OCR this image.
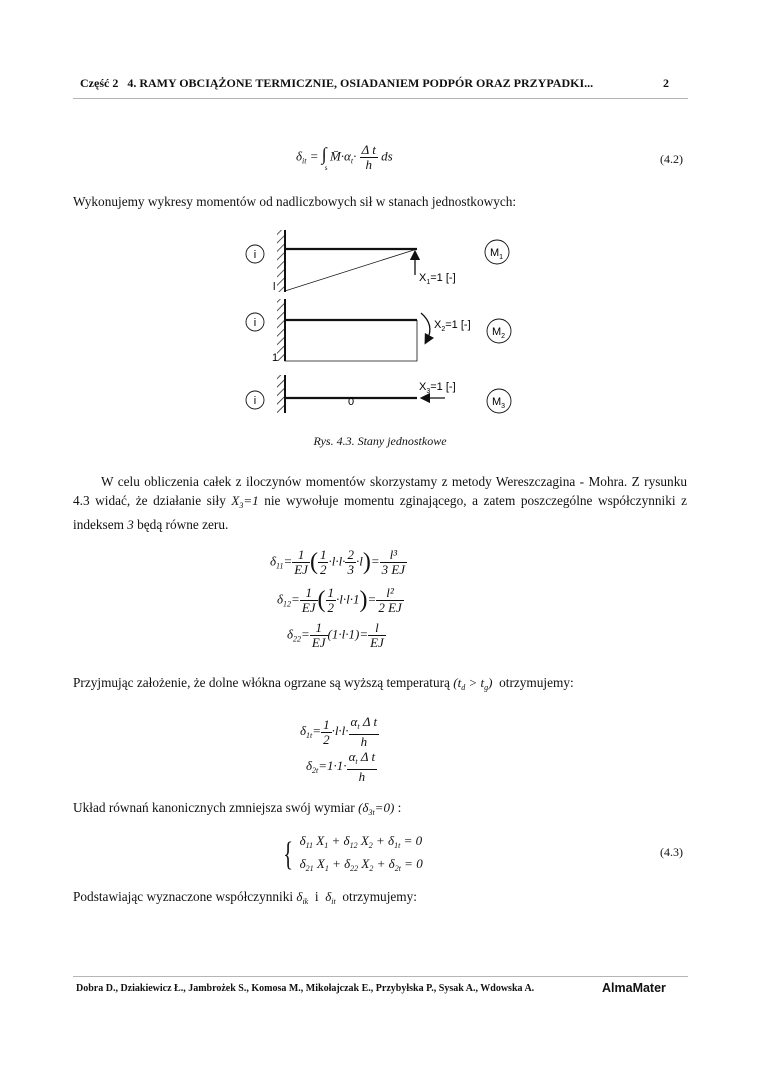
Część 2   4. RAMY OBCIĄŻONE TERMICZNIE, OSIADANIEM PODPÓR ORAZ PRZYPADKI...	2
$\delta_{it}$ = ∫
s
$M̄\cdot\alpha_t\cdot \frac{\text{Δ t}}{h}$ ds	(4.2)
Wykonujemy wykresy momentów od nadliczbowych sił w stanach jednostkowych:
i
l
$X_1=1$ [-]
$M_1$
i
1
$X_2=1$ [-]
$M_2$
i	0
$X_3=1$ [-]
$M_3$
Rys. 4.3. Stany jednostkowe
W celu obliczenia całek z iloczynów momentów skorzystamy z metody Wereszczagina - Mohra. Z rysunku 4.3 widać, że działanie siły $X_3=1$ nie wywołuje momentu zginającego, a zatem poszczególne współczynniki z indeksem 3 będą równe zeru.
$\delta_{11}= \frac{1}{EJ}$ ( $\frac{1}{2} \cdot l\cdot l\cdot \frac{2}{3} \cdot l)= \frac{\text{l³}}{3 EJ}$
$\delta_{12}= \frac{1}{EJ}$ ( $\frac{1}{2} \cdot l\cdot l\cdot 1)= \frac{\text{l²}}{2 EJ}$
$\delta_{22}= \frac{1}{EJ} (1\cdot l\cdot 1)= \frac{l}{EJ}$
Przyjmując założenie, że dolne włókna ogrzane są wyższą temperaturą $(t_d > t_g)$  otrzymujemy:
$\delta_{1t}= \frac{1}{2} \cdot l\cdot l\cdot \frac{\alpha_t \Delta t}{h}$
$\delta_{2t}=1\cdot 1\cdot \frac{\alpha_t \Delta t}{h}$
Układ równań kanonicznych zmniejsza swój wymiar $(\delta_{3t}=0)$ :
{ $\delta_{11}$ $X_1 + \delta_{12}$ $X_2 + \delta_{1t} = 0$
$\delta_{21}$ $X_1 + \delta_{22}$ $X_2 + \delta_{2t} = 0$
(4.3)
Podstawiając wyznaczone współczynniki $\delta_{ik}$  i  $\delta_{it}$  otrzymujemy:
Dobra D., Dziakiewicz Ł., Jambrożek S., Komosa M., Mikołajczak E., Przybyłska P., Sysak A., Wdowska A.	AlmaMater
